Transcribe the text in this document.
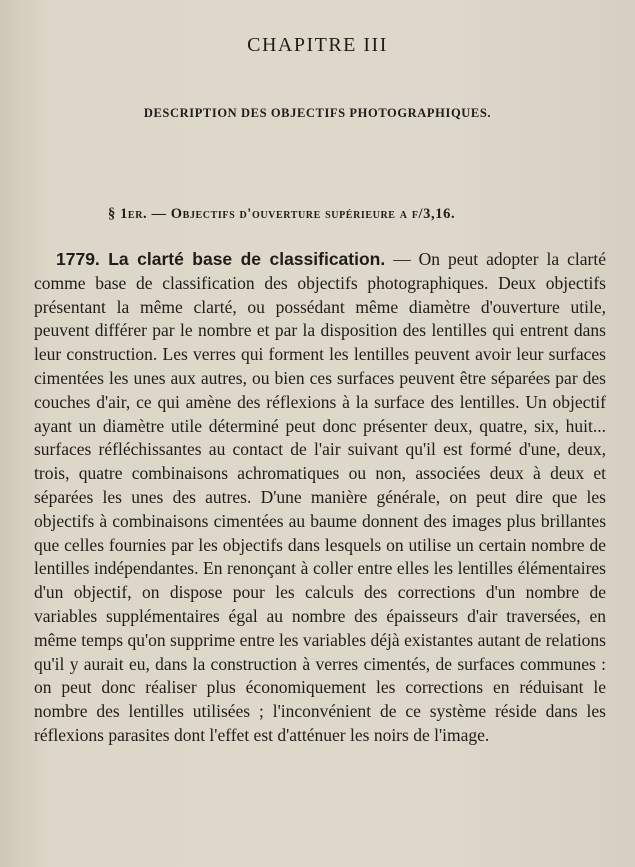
CHAPITRE III
DESCRIPTION DES OBJECTIFS PHOTOGRAPHIQUES.
§ 1er. — Objectifs d'ouverture supérieure a f/3,16.

1779. La clarté base de classification. — On peut adopter la clarté comme base de classification des objectifs photographiques. Deux objectifs présentant la même clarté, ou possédant même diamètre d'ouverture utile, peuvent différer par le nombre et par la disposition des lentilles qui entrent dans leur construction. Les verres qui forment les lentilles peuvent avoir leur surfaces cimentées les unes aux autres, ou bien ces surfaces peuvent être séparées par des couches d'air, ce qui amène des réflexions à la surface des lentilles. Un objectif ayant un diamètre utile déterminé peut donc présenter deux, quatre, six, huit... surfaces réfléchissantes au contact de l'air suivant qu'il est formé d'une, deux, trois, quatre combinaisons achromatiques ou non, associées deux à deux et séparées les unes des autres. D'une manière générale, on peut dire que les objectifs à combinaisons cimentées au baume donnent des images plus brillantes que celles fournies par les objectifs dans lesquels on utilise un certain nombre de lentilles indépendantes. En renonçant à coller entre elles les lentilles élémentaires d'un objectif, on dispose pour les calculs des corrections d'un nombre de variables supplémentaires égal au nombre des épaisseurs d'air traversées, en même temps qu'on supprime entre les variables déjà existantes autant de relations qu'il y aurait eu, dans la construction à verres cimentés, de surfaces communes : on peut donc réaliser plus économiquement les corrections en réduisant le nombre des lentilles utilisées ; l'inconvénient de ce système réside dans les réflexions parasites dont l'effet est d'atténuer les noirs de l'image.
